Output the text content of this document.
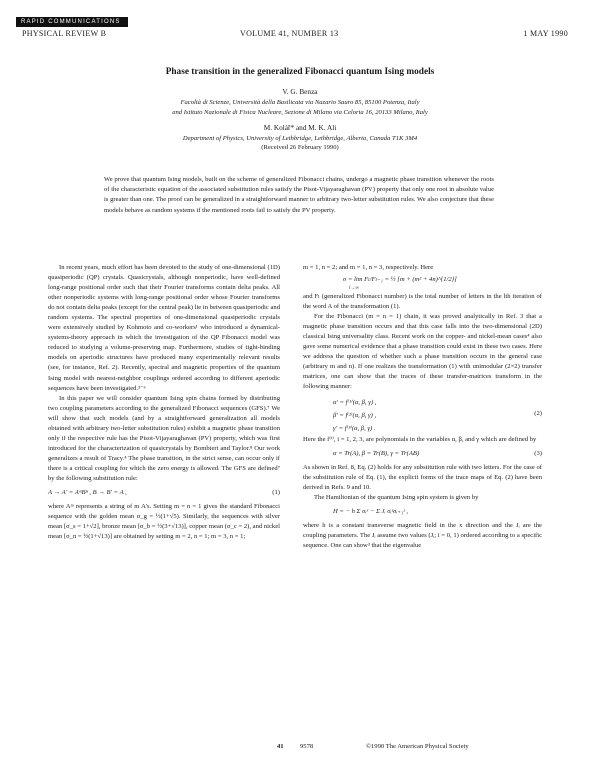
RAPID COMMUNICATIONS
PHYSICAL REVIEW B	VOLUME 41, NUMBER 13	1 MAY 1990
Phase transition in the generalized Fibonacci quantum Ising models
V. G. Benza
Facoltà di Scienze, Università della Basilicata via Nazario Sauro 85, 85100 Potenza, Italy
and Istituto Nazionale di Fisica Nucleare, Sezione di Milano via Celoria 16, 20133 Milano, Italy
M. Kolář* and M. K. Ali
Department of Physics, University of Lethbridge, Lethbridge, Alberta, Canada T1K 3M4
(Received 26 February 1990)
We prove that quantum Ising models, built on the scheme of generalized Fibonacci chains, undergo a magnetic phase transition whenever the roots of the characteristic equation of the associated substitution rules satisfy the Pisot-Vijayaraghavan (PV) property that only one root in absolute value is greater than one. The proof can be generalized in a straightforward manner to arbitrary two-letter substitution rules. We also conjecture that these models behave as random systems if the mentioned roots fail to satisfy the PV property.

In recent years, much effort has been devoted to the study of one-dimensional (1D) quasiperiodic (QP) crystals. Quasicrystals, although nonperiodic, have well-defined long-range positional order such that their Fourier transforms contain delta peaks. All other nonperiodic systems with long-range positional order whose Fourier transforms do not contain delta peaks (except for the central peak) lie in between quasiperiodic and random systems. The spectral properties of one-dimensional quasiperiodic crystals were extensively studied by Kohmoto and co-workers¹ who introduced a dynamical-systems-theory approach in which the investigation of the QP Fibonacci model was reduced to studying a volume-preserving map. Furthermore, studies of tight-binding models on aperiodic structures have produced many experimentally relevant results (see, for instance, Ref. 2). Recently, spectral and magnetic properties of the quantum Ising model with nearest-neighbor couplings ordered according to different aperiodic sequences have been investigated.³⁻⁶

In this paper we will consider quantum Ising spin chains formed by distributing two coupling parameters according to the generalized Fibonacci sequences (GFS).⁷ We will show that such models (and by a straightforward generalization all models obtained with arbitrary two-letter substitution rules) exhibit a magnetic phase transition only if the respective rule has the Pisot-Vijayaraghavan (PV) property, which was first introduced for the characterization of quasicrystals by Bombieri and Taylor.⁸ Our work generalizes a result of Tracy.⁴ The phase transition, in the strict sense, can occur only if there is a critical coupling for which the zero energy is allowed. The GFS are defined⁷ by the following substitution rule:

A → A′ = AᵐBⁿ , B → B′ = A ,	(1)

where Aᵐ represents a string of m A's. Setting m = n = 1 gives the standard Fibonacci sequence with the golden mean σ_g = ½(1+√5). Similarly, the sequences with silver mean [σ_s = 1+√2], bronze mean [σ_b = ½(3+√13)], copper mean (σ_c = 2), and nickel mean [σ_n = ½(1+√13)] are obtained by setting m = 2, n = 1; m = 3, n = 1;

m = 1, n = 2; and m = 1, n = 3, respectively. Here

σ = lim Fₗ/Fₗ₋₁ = ½ [m + (m² + 4n)^{1/2}]
l→∞

and Fₗ (generalized Fibonacci number) is the total number of letters in the lth iteration of the word A of the transformation (1).

For the Fibonacci (m = n = 1) chain, it was proved analytically in Ref. 3 that a magnetic phase transition occurs and that this case falls into the two-dimensional (2D) classical Ising universality class. Recent work on the copper- and nickel-mean cases⁴ also gave some numerical evidence that a phase transition could exist in these two cases. Here we address the question of whether such a phase transition occurs in the general case (arbitrary m and n). If one realizes the transformation (1) with unimodular (2×2) transfer matrices, one can show that the traces of these transfer-matrices transform in the following manner:

α′ = f⁽¹⁾(α, β, γ) ,
β′ = f⁽²⁾(α, β, γ) ,
γ′ = f⁽³⁾(α, β, γ) .
(2)

Here the f⁽ⁱ⁾, i = 1, 2, 3, are polynomials in the variables α, β, and γ which are defined by

α = Tr(A), β = Tr(B), γ = Tr(AB)	(3)

As shown in Ref. 8, Eq. (2) holds for any substitution rule with two letters. For the case of the substitution rule of Eq. (1), the explicit forms of the trace maps of Eq. (2) have been derived in Refs. 9 and 10.

The Hamiltonian of the quantum Ising spin system is given by

H = − h Σ σᵢˣ − Σ Jᵢ σᵢᶻσᵢ₊₁ᶻ ,

where h is a constant transverse magnetic field in the x direction and the Jᵢ are the coupling parameters. The Jᵢ assume two values (Jᵢ; i = 0, 1) ordered according to a specific sequence. One can show³ that the eigenvalue

41 9578	©1990 The American Physical Society
